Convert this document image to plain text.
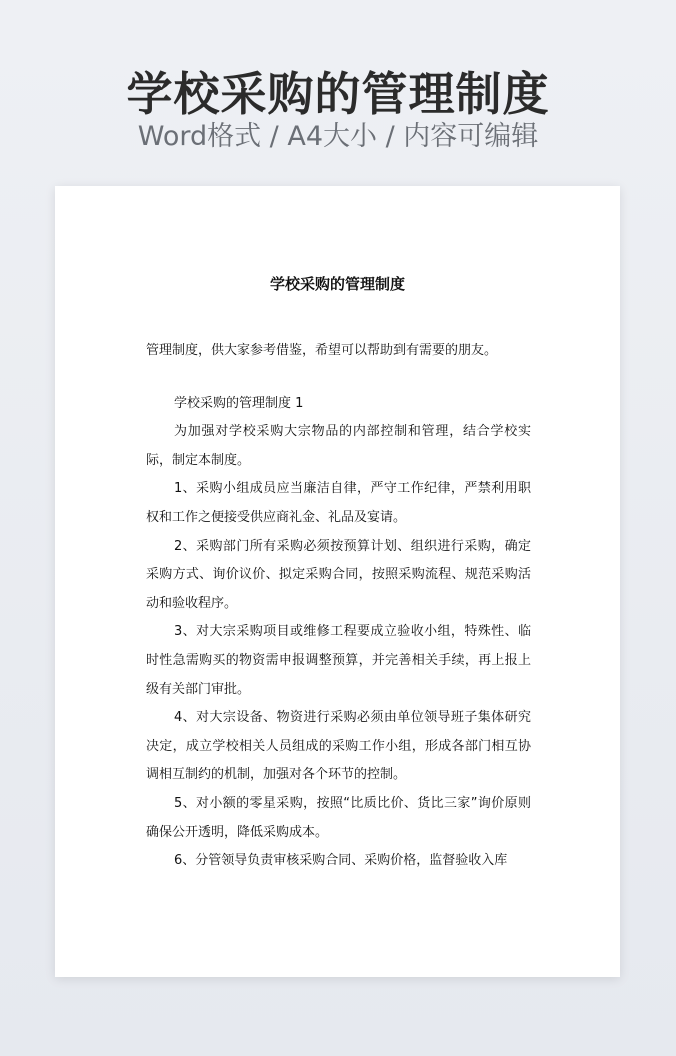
学校采购的管理制度
Word格式 / A4大小 / 内容可编辑
学校采购的管理制度

管理制度，供大家参考借鉴，希望可以帮助到有需要的朋友。

学校采购的管理制度 1

为加强对学校采购大宗物品的内部控制和管理，结合学校实际，制定本制度。

1、采购小组成员应当廉洁自律，严守工作纪律，严禁利用职权和工作之便接受供应商礼金、礼品及宴请。

2、采购部门所有采购必须按预算计划、组织进行采购，确定采购方式、询价议价、拟定采购合同，按照采购流程、规范采购活动和验收程序。

3、对大宗采购项目或维修工程要成立验收小组，特殊性、临时性急需购买的物资需申报调整预算，并完善相关手续，再上报上级有关部门审批。

4、对大宗设备、物资进行采购必须由单位领导班子集体研究决定，成立学校相关人员组成的采购工作小组，形成各部门相互协调相互制约的机制，加强对各个环节的控制。

5、对小额的零星采购，按照“比质比价、货比三家”询价原则确保公开透明，降低采购成本。

6、分管领导负责审核采购合同、采购价格，监督验收入库
